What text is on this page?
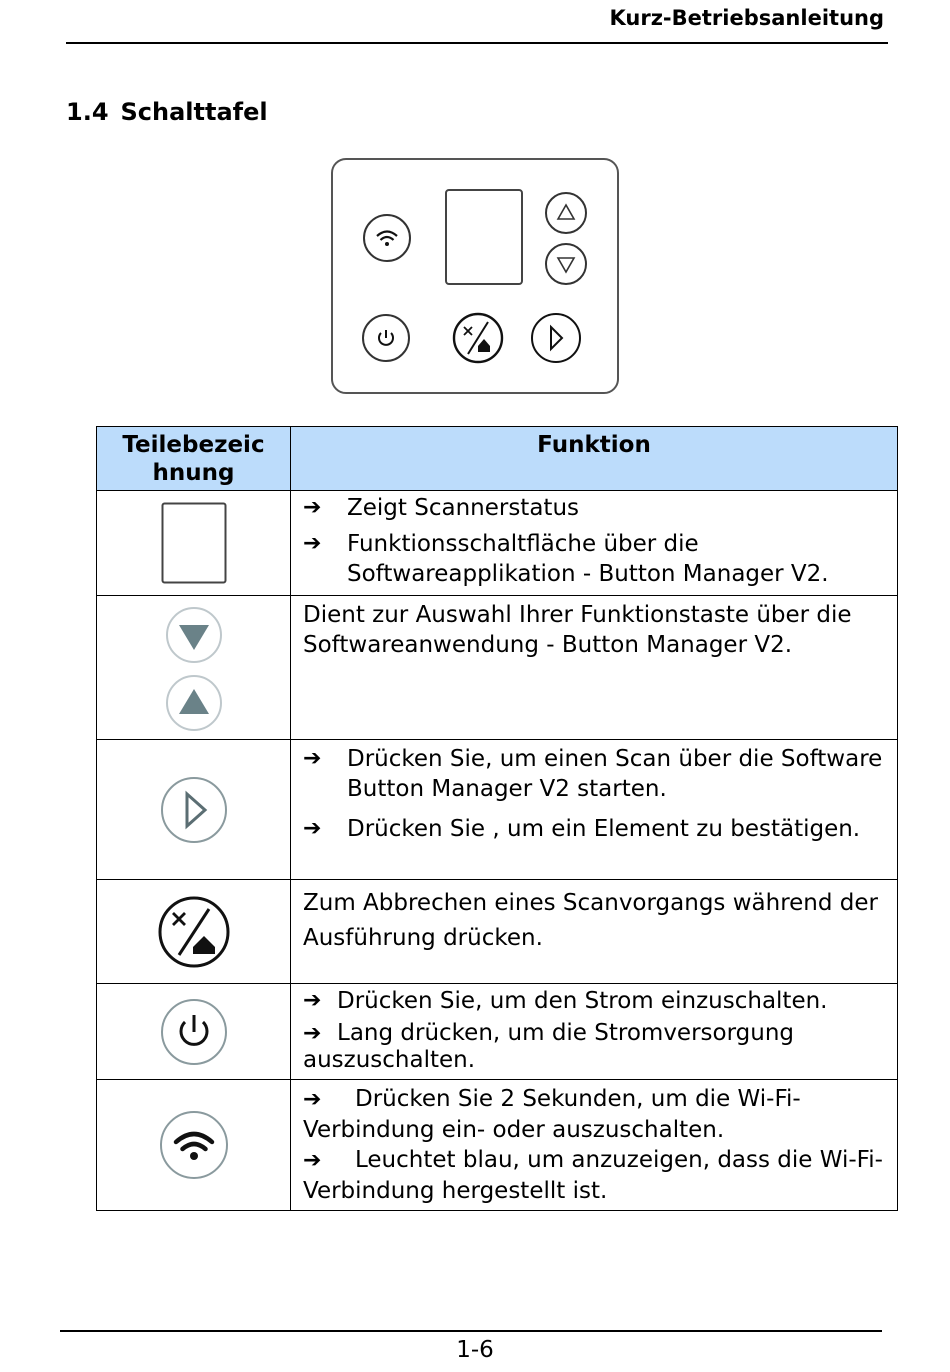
Kurz-Betriebsanleitung
1.4 Schalttafel
Teilebezeic hnung	Funktion

➔ Zeigt Scannerstatus
➔ Funktionsschaltfläche über die Softwareapplikation - Button Manager V2.

Dient zur Auswahl Ihrer Funktionstaste über die Softwareanwendung - Button Manager V2.

➔ Drücken Sie, um einen Scan über die Software Button Manager V2 starten.
➔ Drücken Sie , um ein Element zu bestätigen.

Zum Abbrechen eines Scanvorgangs während der Ausführung drücken.

➔ Drücken Sie, um den Strom einzuschalten.
➔ Lang drücken, um die Stromversorgung auszuschalten.

➔ Drücken Sie 2 Sekunden, um die Wi-Fi-Verbindung ein- oder auszuschalten.
➔ Leuchtet blau, um anzuzeigen, dass die Wi-Fi-Verbindung hergestellt ist.
1-6
